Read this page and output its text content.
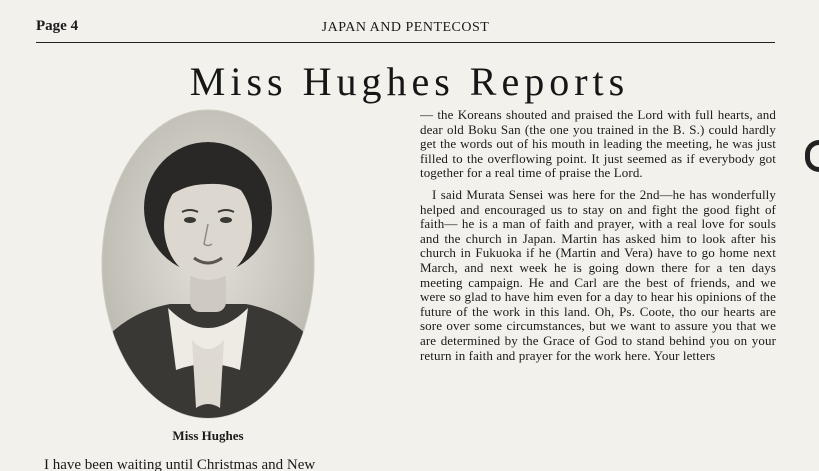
Page 4	JAPAN AND PENTECOST
Miss Hughes Reports
Miss Hughes
I have been waiting until Christmas and New

— the Koreans shouted and praised the Lord with full hearts, and dear old Boku San (the one you trained in the B. S.) could hardly get the words out of his mouth in leading the meeting, he was just filled to the overflowing point. It just seemed as if everybody got together for a real time of praise the Lord.

I said Murata Sensei was here for the 2nd—he has wonderfully helped and encouraged us to stay on and fight the good fight of faith— he is a man of faith and prayer, with a real love for souls and the church in Japan. Martin has asked him to look after his church in Fukuoka if he (Martin and Vera) have to go home next March, and next week he is going down there for a ten days meeting campaign. He and Carl are the best of friends, and we were so glad to have him even for a day to hear his opinions of the future of the work in this land. Oh, Ps. Coote, tho our hearts are sore over some circumstances, but we want to assure you that we are determined by the Grace of God to stand behind you on your return in faith and prayer for the work here. Your letters
